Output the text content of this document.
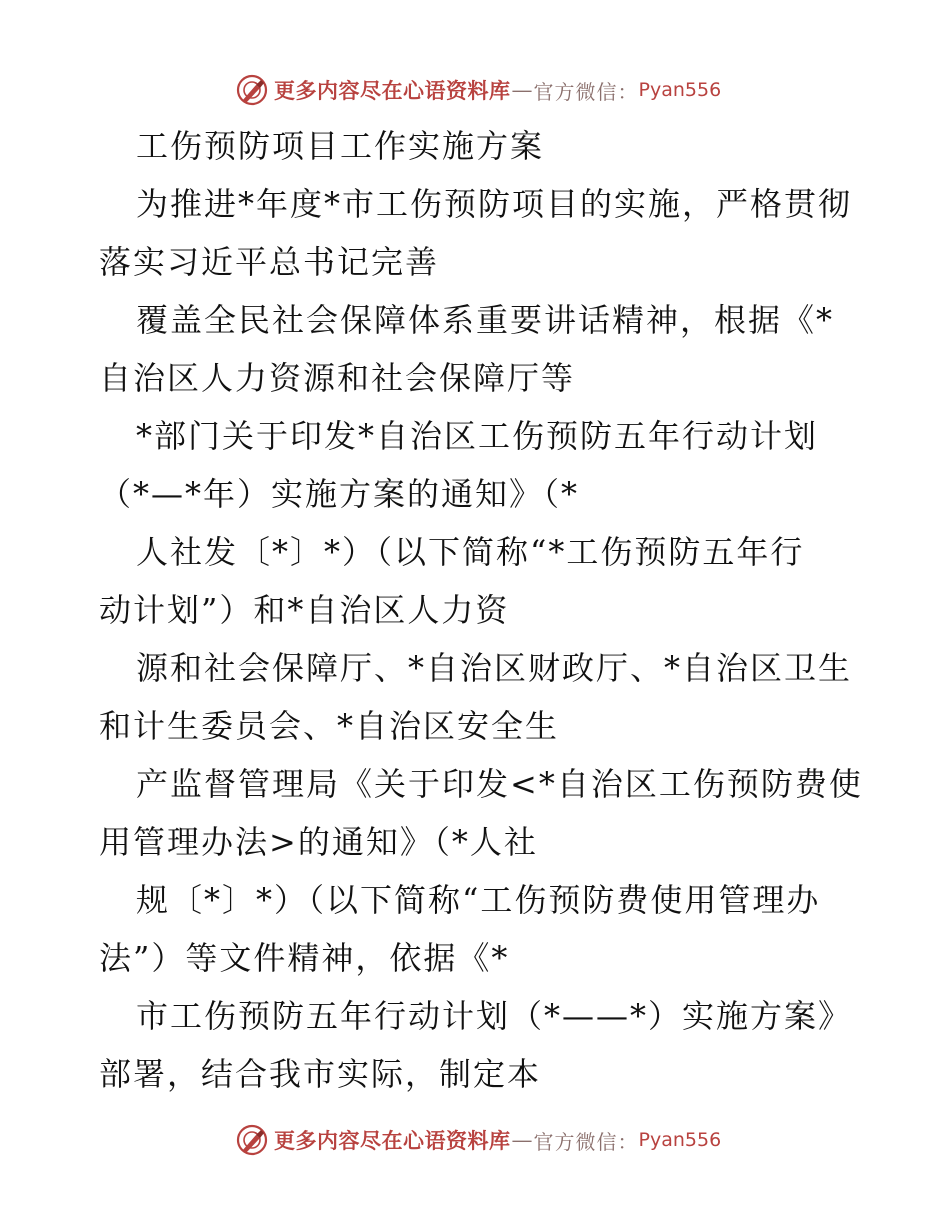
更多内容尽在心语资料库 — 官方微信： Pyan556
工伤预防项目工作实施方案
为推进*年度*市工伤预防项目的实施，严格贯彻
落实习近平总书记完善
覆盖全民社会保障体系重要讲话精神，根据《*
自治区人力资源和社会保障厅等
*部门关于印发*自治区工伤预防五年行动计划
（*—*年）实施方案的通知》（*
人社发〔*〕*）（以下简称“*工伤预防五年行
动计划”）和*自治区人力资
源和社会保障厅、*自治区财政厅、*自治区卫生
和计生委员会、*自治区安全生
产监督管理局《关于印发<*自治区工伤预防费使
用管理办法>的通知》（*人社
规〔*〕*）（以下简称“工伤预防费使用管理办
法”）等文件精神，依据《*
市工伤预防五年行动计划（*——*）实施方案》
部署，结合我市实际，制定本
更多内容尽在心语资料库 — 官方微信： Pyan556
